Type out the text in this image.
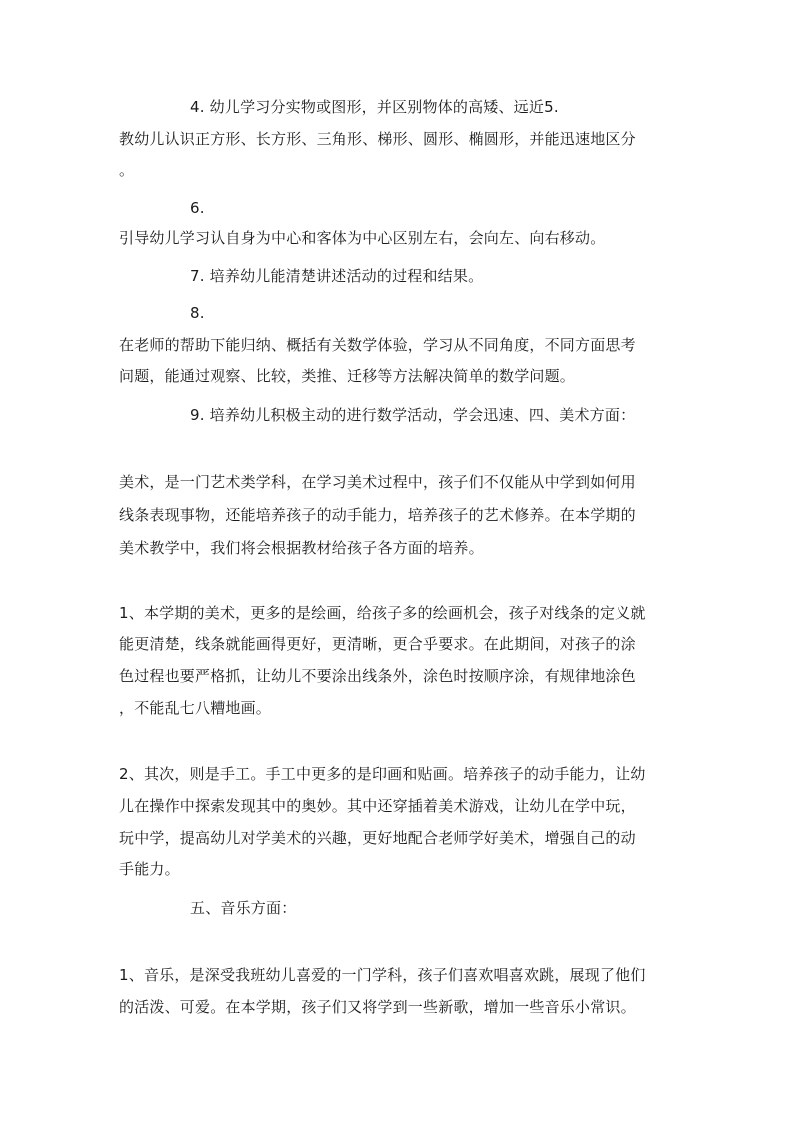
4. 幼儿学习分实物或图形，并区别物体的高矮、远近5.
教幼儿认识正方形、长方形、三角形、梯形、圆形、椭圆形，并能迅速地区分
。
6.
引导幼儿学习认自身为中心和客体为中心区别左右，会向左、向右移动。
7. 培养幼儿能清楚讲述活动的过程和结果。
8.
在老师的帮助下能归纳、概括有关数学体验，学习从不同角度，不同方面思考
问题，能通过观察、比较，类推、迁移等方法解决简单的数学问题。
9. 培养幼儿积极主动的进行数学活动，学会迅速、四、美术方面：
美术，是一门艺术类学科，在学习美术过程中，孩子们不仅能从中学到如何用
线条表现事物，还能培养孩子的动手能力，培养孩子的艺术修养。在本学期的
美术教学中，我们将会根据教材给孩子各方面的培养。
1、本学期的美术，更多的是绘画，给孩子多的绘画机会，孩子对线条的定义就
能更清楚，线条就能画得更好，更清晰，更合乎要求。在此期间，对孩子的涂
色过程也要严格抓，让幼儿不要涂出线条外，涂色时按顺序涂，有规律地涂色
，不能乱七八糟地画。
2、其次，则是手工。手工中更多的是印画和贴画。培养孩子的动手能力，让幼
儿在操作中探索发现其中的奥妙。其中还穿插着美术游戏，让幼儿在学中玩，
玩中学，提高幼儿对学美术的兴趣，更好地配合老师学好美术，增强自己的动
手能力。
五、音乐方面：
1、音乐，是深受我班幼儿喜爱的一门学科，孩子们喜欢唱喜欢跳，展现了他们
的活泼、可爱。在本学期，孩子们又将学到一些新歌，增加一些音乐小常识。
